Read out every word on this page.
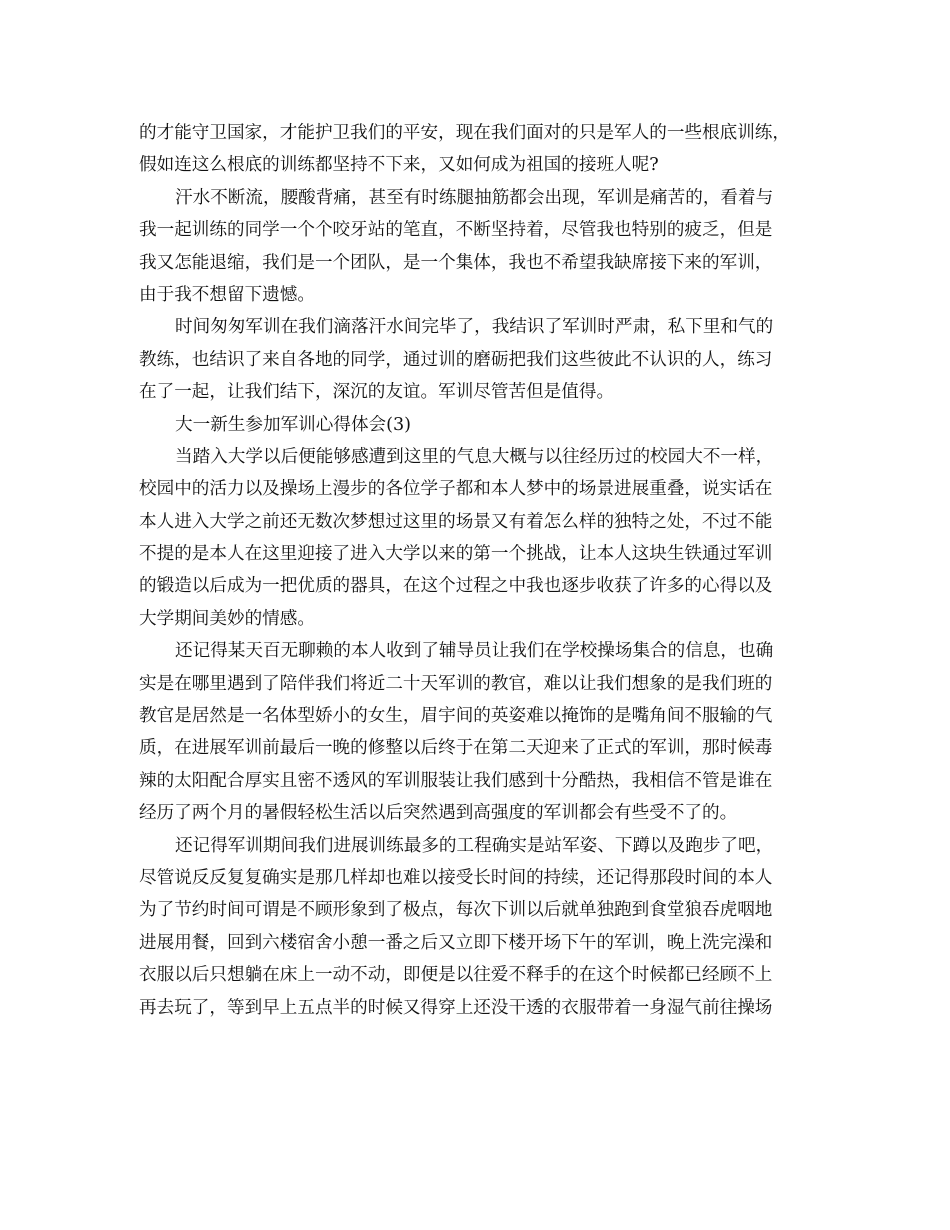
的才能守卫国家，才能护卫我们的平安，现在我们面对的只是军人的一些根底训练，
假如连这么根底的训练都坚持不下来，又如何成为祖国的接班人呢?
汗水不断流，腰酸背痛，甚至有时练腿抽筋都会出现，军训是痛苦的，看着与
我一起训练的同学一个个咬牙站的笔直，不断坚持着，尽管我也特别的疲乏，但是
我又怎能退缩，我们是一个团队，是一个集体，我也不希望我缺席接下来的军训，
由于我不想留下遗憾。
时间匆匆军训在我们滴落汗水间完毕了，我结识了军训时严肃，私下里和气的
教练，也结识了来自各地的同学，通过训的磨砺把我们这些彼此不认识的人，练习
在了一起，让我们结下，深沉的友谊。军训尽管苦但是值得。
大一新生参加军训心得体会(3)
当踏入大学以后便能够感遭到这里的气息大概与以往经历过的校园大不一样，
校园中的活力以及操场上漫步的各位学子都和本人梦中的场景进展重叠，说实话在
本人进入大学之前还无数次梦想过这里的场景又有着怎么样的独特之处，不过不能
不提的是本人在这里迎接了进入大学以来的第一个挑战，让本人这块生铁通过军训
的锻造以后成为一把优质的器具，在这个过程之中我也逐步收获了许多的心得以及
大学期间美妙的情感。
还记得某天百无聊赖的本人收到了辅导员让我们在学校操场集合的信息，也确
实是在哪里遇到了陪伴我们将近二十天军训的教官，难以让我们想象的是我们班的
教官是居然是一名体型娇小的女生，眉宇间的英姿难以掩饰的是嘴角间不服输的气
质，在进展军训前最后一晚的修整以后终于在第二天迎来了正式的军训，那时候毒
辣的太阳配合厚实且密不透风的军训服装让我们感到十分酷热，我相信不管是谁在
经历了两个月的暑假轻松生活以后突然遇到高强度的军训都会有些受不了的。
还记得军训期间我们进展训练最多的工程确实是站军姿、下蹲以及跑步了吧，
尽管说反反复复确实是那几样却也难以接受长时间的持续，还记得那段时间的本人
为了节约时间可谓是不顾形象到了极点，每次下训以后就单独跑到食堂狼吞虎咽地
进展用餐，回到六楼宿舍小憩一番之后又立即下楼开场下午的军训，晚上洗完澡和
衣服以后只想躺在床上一动不动，即便是以往爱不释手的在这个时候都已经顾不上
再去玩了，等到早上五点半的时候又得穿上还没干透的衣服带着一身湿气前往操场
